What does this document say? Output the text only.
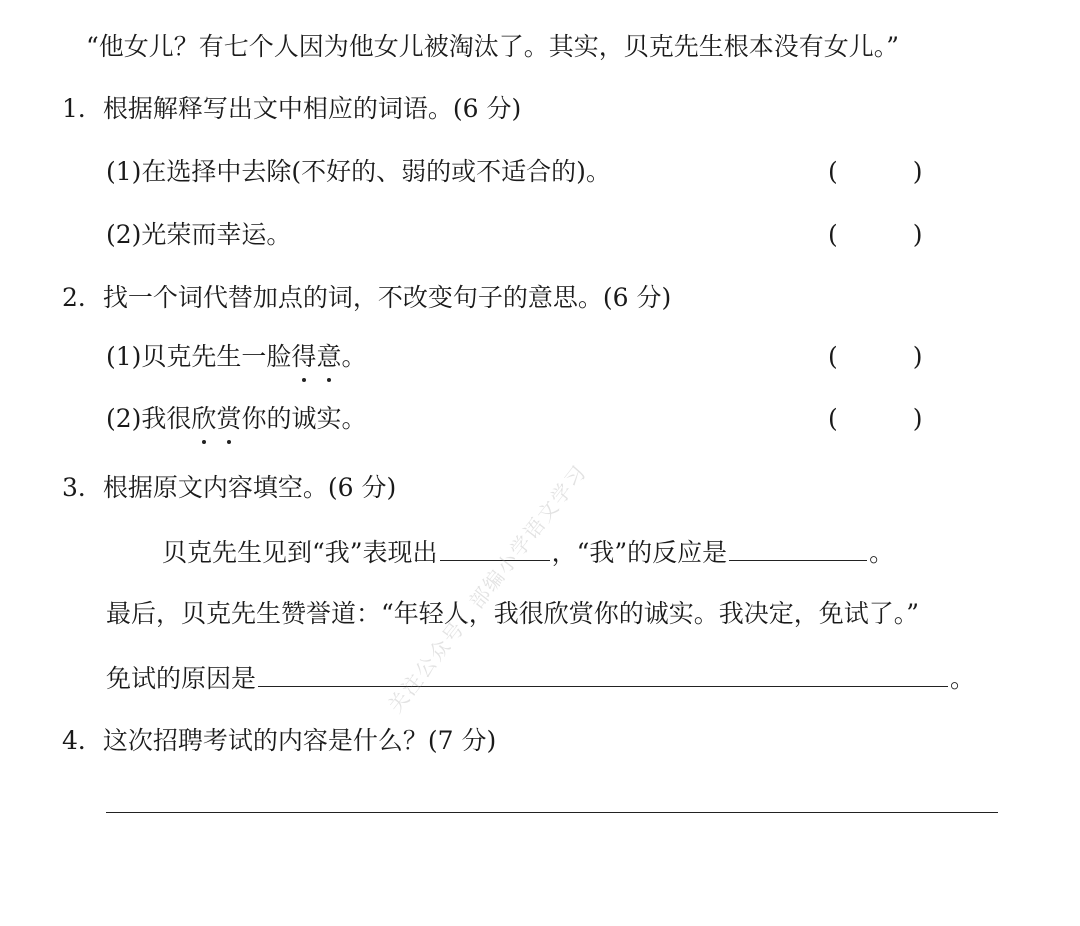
“他女儿？有七个人因为他女儿被淘汰了。其实，贝克先生根本没有女儿。”
1．根据解释写出文中相应的词语。(6 分)
(1)在选择中去除(不好的、弱的或不适合的)。	(　　　)
(2)光荣而幸运。	(　　　)
2．找一个词代替加点的词，不改变句子的意思。(6 分)
(1)贝克先生一脸得意。	(　　　)
(2)我很欣赏你的诚实。	(　　　)
3．根据原文内容填空。(6 分)
贝克先生见到“我”表现出	，“我”的反应是	。
最后，贝克先生赞誉道：“年轻人，我很欣赏你的诚实。我决定，免试了。”
免试的原因是	。
4．这次招聘考试的内容是什么？(7 分)
关注公众号：部编小学语文学习
